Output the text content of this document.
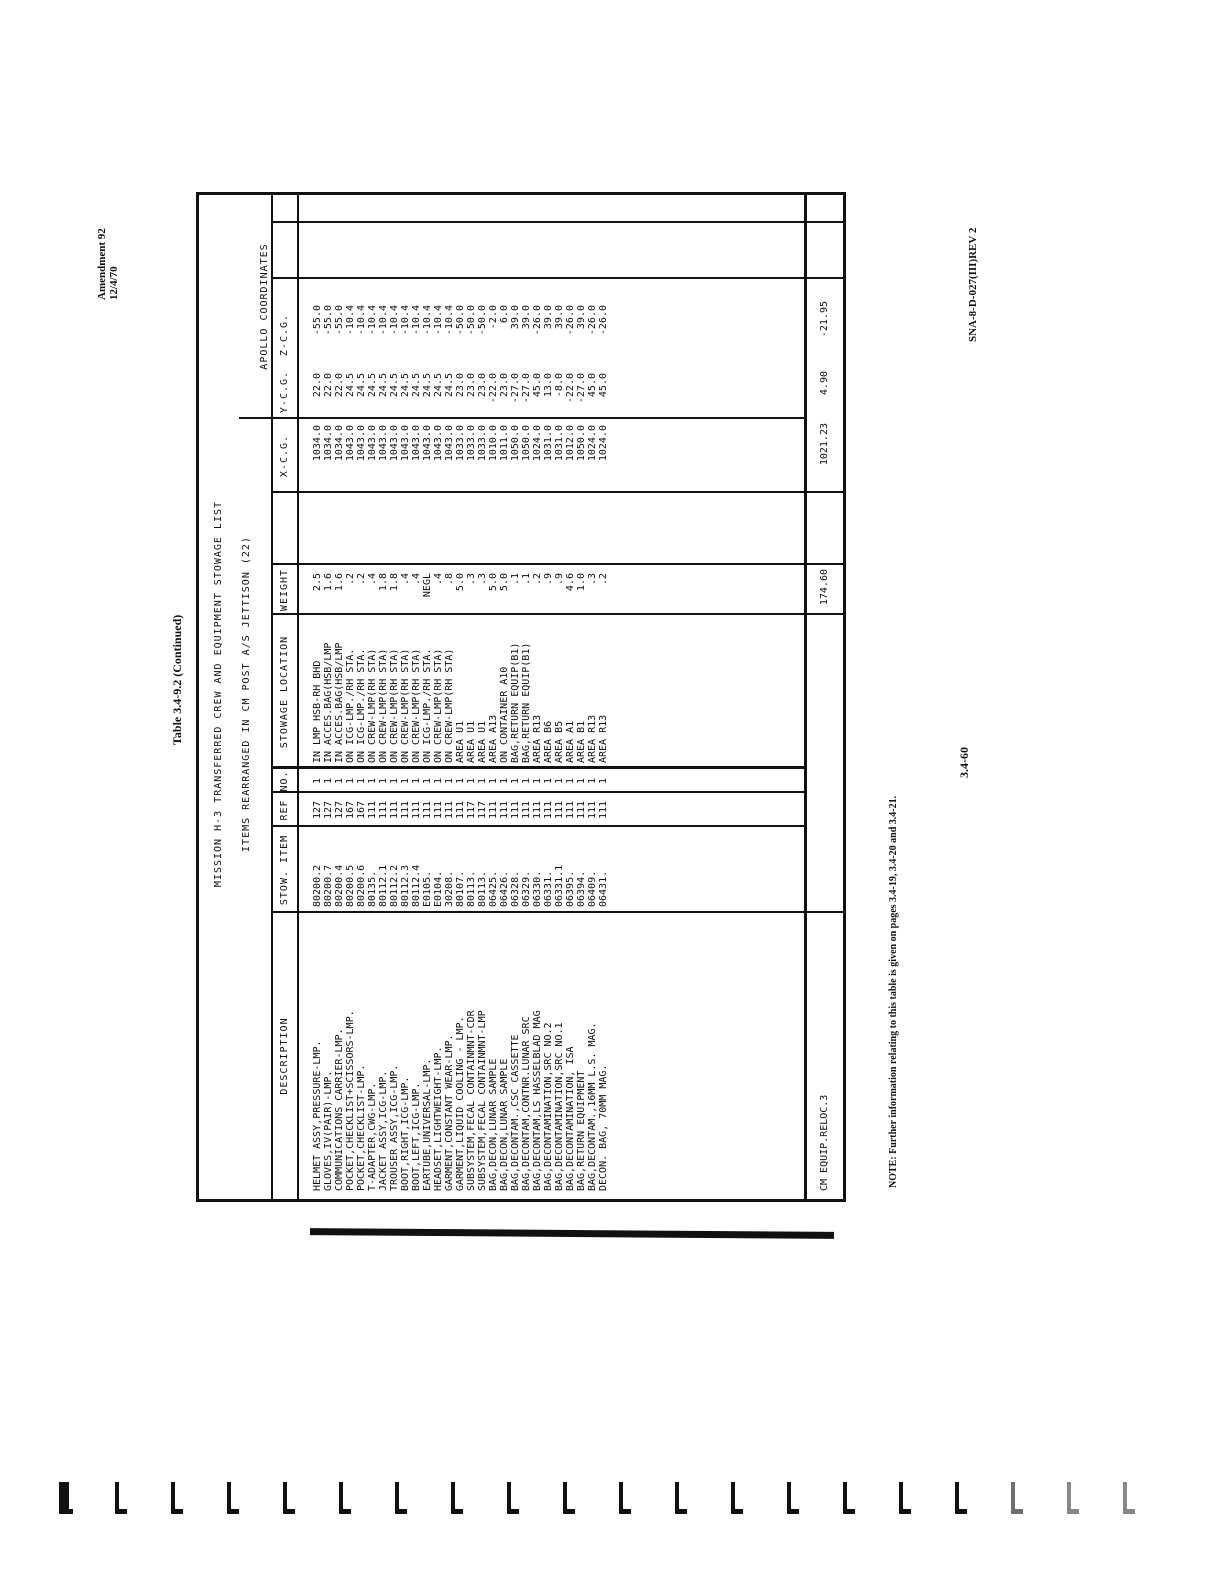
Amendment 92 12/4/70
Table 3.4-9.2 (Continued)	MISSION H-3 TRANSFERRED CREW AND EQUIPMENT STOWAGE LIST ITEMS REARRANGED IN CM POST A/S JETTISON (22)
APOLLO COORDINATES
DESCRIPTION
STOW. ITEM
REF
NO.
STOWAGE LOCATION
WEIGHT
X-C.G.
Y-C.G.
Z-C.G.
HELMET ASSY,PRESSURE-LMP. GLOVES,IV(PAIR)-LMP. COMMUNICATIONS CARRIER-LMP. POCKET,CHECKLIST+SCISSORS-LMP. POCKET,CHECKLIST-LMP. T-ADAPTER,CWG-LMP. JACKET ASSY,ICG-LMP. TROUSER ASSY,ICG-LMP. BOOT,RIGHT,ICG-LMP. BOOT,LEFT,ICG-LMP. EARTUBE,UNIVERSAL-LMP. HEADSET,LIGHTWEIGHT-LMP. GARMENT,CONSTANT WEAR-LMP. GARMENT,LIQUID COOLING - LMP. SUBSYSTEM,FECAL CONTAINMNT-CDR SUBSYSTEM,FECAL CONTAINMNT-LMP BAG,DECON,LUNAR SAMPLE BAG,DECON,LUNAR SAMPLE BAG,DECONTAM.,CSC CASSETTE BAG,DECONTAM,CONTNR.LUNAR SRC BAG,DECONTAM,LS HASSELBLAD MAG BAG,DECONTAMINATION,SRC NO.2 BAG,DECONTAMINATION,SRC NO.1 BAG,DECONTAMINATION, ISA BAG,RETURN EQUIPMENT BAG,DECONTAM.,16MM L.S. MAG. DECON. BAG, 70MM MAG.
80200.2 80200.7 80200.4 80200.5 80200.6 80135. 80112.1 80112.2 80112.3 80112.4 E0105. E0104. 30208. 80107. 80113. 80113. 06425. 06426. 06328. 06329. 06330. 06331. 06331.1 06395. 06394. 06409. 06431.
127 127 127 167 167 111 111 111 111 111 111 111 111 111 117 117 111 111 111 111 111 111 111 111 111 111 111
1 1 1 1 1 1 1 1 1 1 1 1 1 1 1 1 1 1 1 1 1 1 1 1 1 1 1
IN LMP HSB-RH BHD IN ACCES.BAG(HSB/LMP IN ACCES.BAG(HSB/LMP ON ICG-LMP./RH STA. ON ICG-LMP./RH STA. ON CREW-LMP(RH STA) ON CREW-LMP(RH STA) ON CREW-LMP(RH STA) ON CREW-LMP(RH STA) ON CREW-LMP(RH STA) ON ICG-LMP./RH STA. ON CREW-LMP(RH STA) ON CREW-LMP(RH STA) AREA U1 AREA U1 AREA U1 AREA A13 ON CONTAINER A10 BAG,RETURN EQUIP(B1) BAG,RETURN EQUIP(B1) AREA R13 AREA B6 AREA B5 AREA A1 AREA B1 AREA R13 AREA R13
2.5 1.6 1.6 .2 .2 .4 1.8 1.8 .4 .4 NEGL .4 .8 5.0 .3 .3 5.0 5.0 .1 .1 .2 .9 .9 4.6 1.0 .3 .2
1034.0 1034.0 1034.0 1043.0 1043.0 1043.0 1043.0 1043.0 1043.0 1043.0 1043.0 1043.0 1043.0 1033.0 1033.0 1033.0 1010.0 1011.0 1050.0 1050.0 1024.0 1031.0 1031.0 1012.0 1050.0 1024.0 1024.0
22.0 22.0 22.0 24.5 24.5 24.5 24.5 24.5 24.5 24.5 24.5 24.5 24.5 23.0 23.0 23.0 -22.0 23.0 -27.0 -27.0 45.0 13.0 -8.0 -22.0 -27.0 45.0 45.0
-55.0 -55.0 -55.0 -10.4 -10.4 -10.4 -10.4 -10.4 -10.4 -10.4 -10.4 -10.4 -10.4 -50.0 -50.0 -50.0 -2.0 6.0 39.0 39.0 -26.0 39.0 39.0 -26.0 39.0 -26.0 -26.0
CM EQUIP.RELOC.3
174.60
1021.23
4.90
-21.95
NOTE: Further information relating to this table is given on pages 3.4-19, 3.4-20 and 3.4-21.
3.4-60
SNA-8-D-027(III)REV 2
